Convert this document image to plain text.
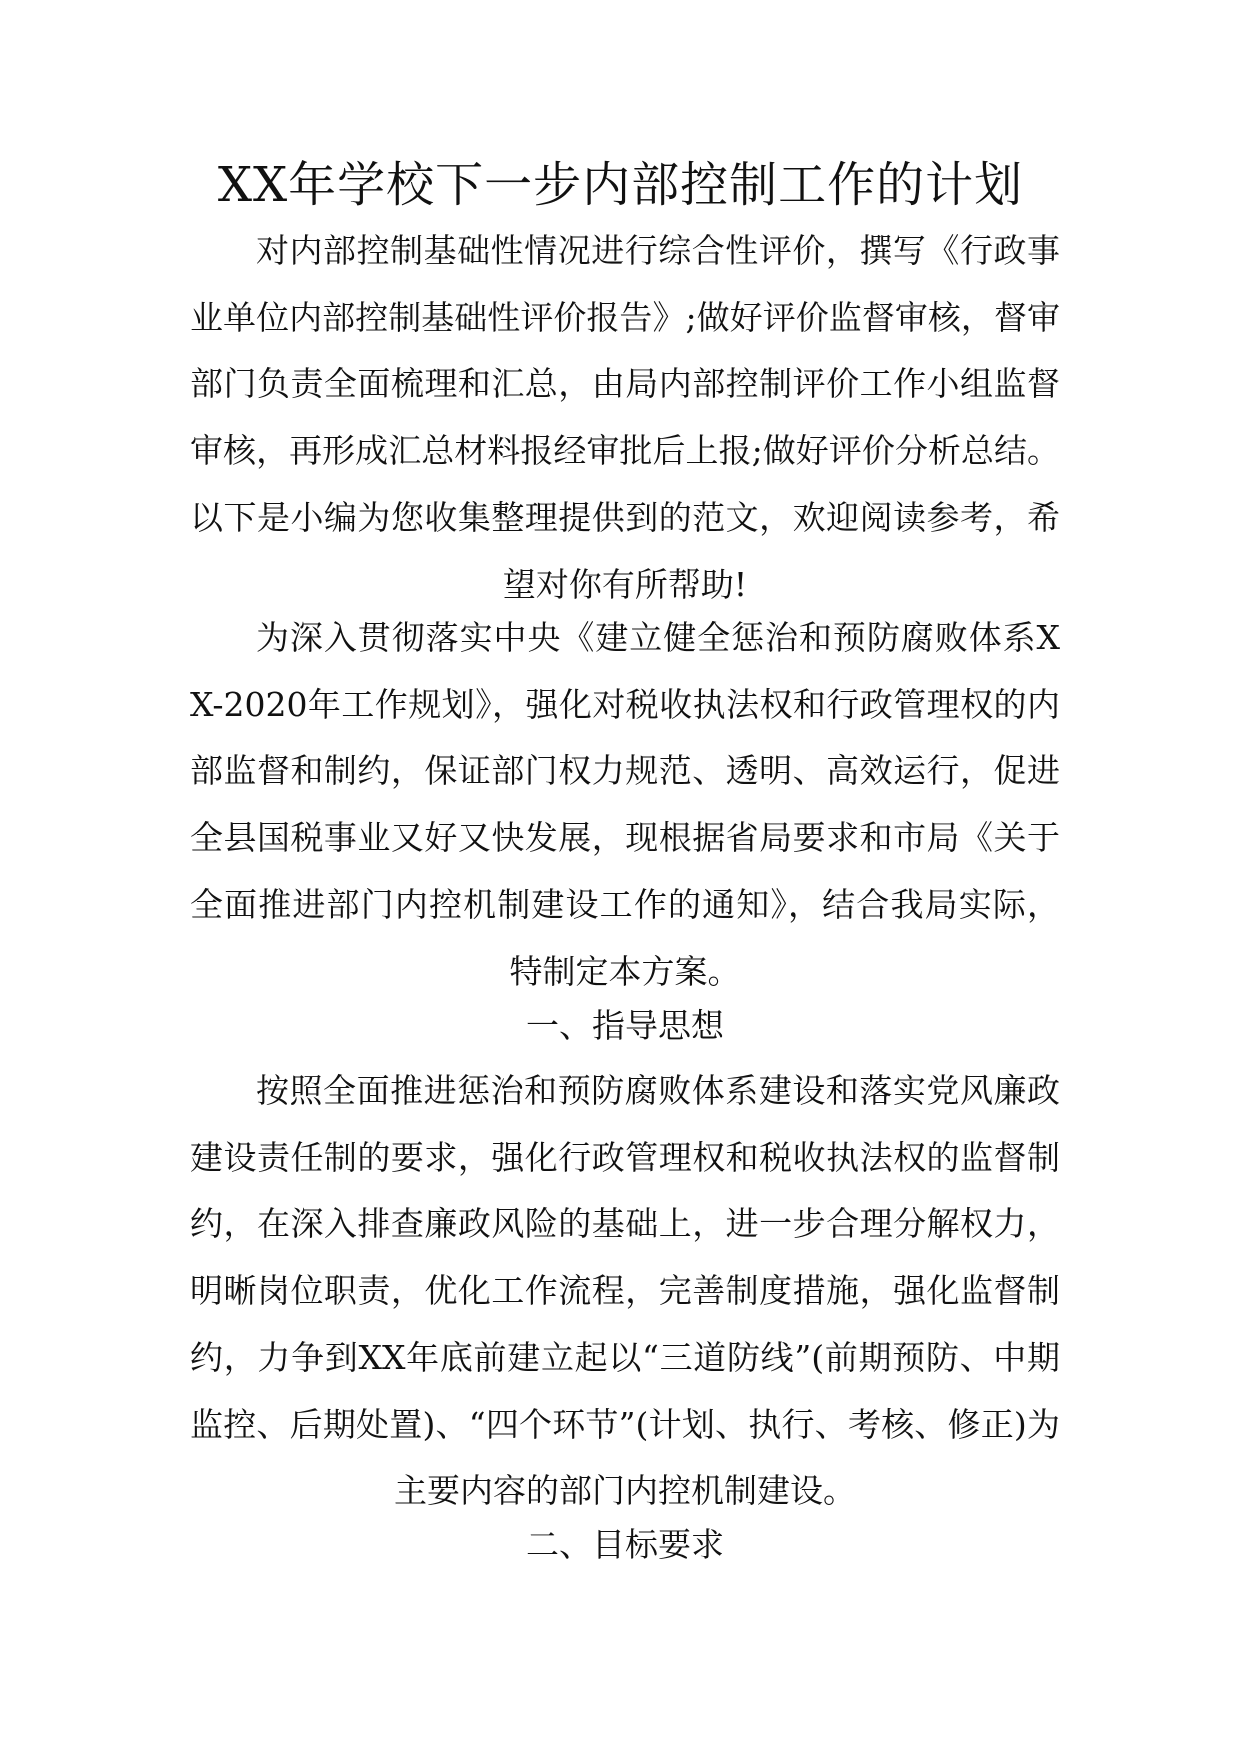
XX年学校下一步内部控制工作的计划

对内部控制基础性情况进行综合性评价，撰写《行政事业单位内部控制基础性评价报告》;做好评价监督审核，督审部门负责全面梳理和汇总，由局内部控制评价工作小组监督审核，再形成汇总材料报经审批后上报;做好评价分析总结。以下是小编为您收集整理提供到的范文，欢迎阅读参考，希望对你有所帮助!

为深入贯彻落实中央《建立健全惩治和预防腐败体系XX-2020年工作规划》，强化对税收执法权和行政管理权的内部监督和制约，保证部门权力规范、透明、高效运行，促进全县国税事业又好又快发展，现根据省局要求和市局《关于全面推进部门内控机制建设工作的通知》，结合我局实际，特制定本方案。

一、指导思想

按照全面推进惩治和预防腐败体系建设和落实党风廉政建设责任制的要求，强化行政管理权和税收执法权的监督制约，在深入排查廉政风险的基础上，进一步合理分解权力，明晰岗位职责，优化工作流程，完善制度措施，强化监督制约，力争到XX年底前建立起以“三道防线”(前期预防、中期监控、后期处置)、“四个环节”(计划、执行、考核、修正)为主要内容的部门内控机制建设。

二、目标要求
